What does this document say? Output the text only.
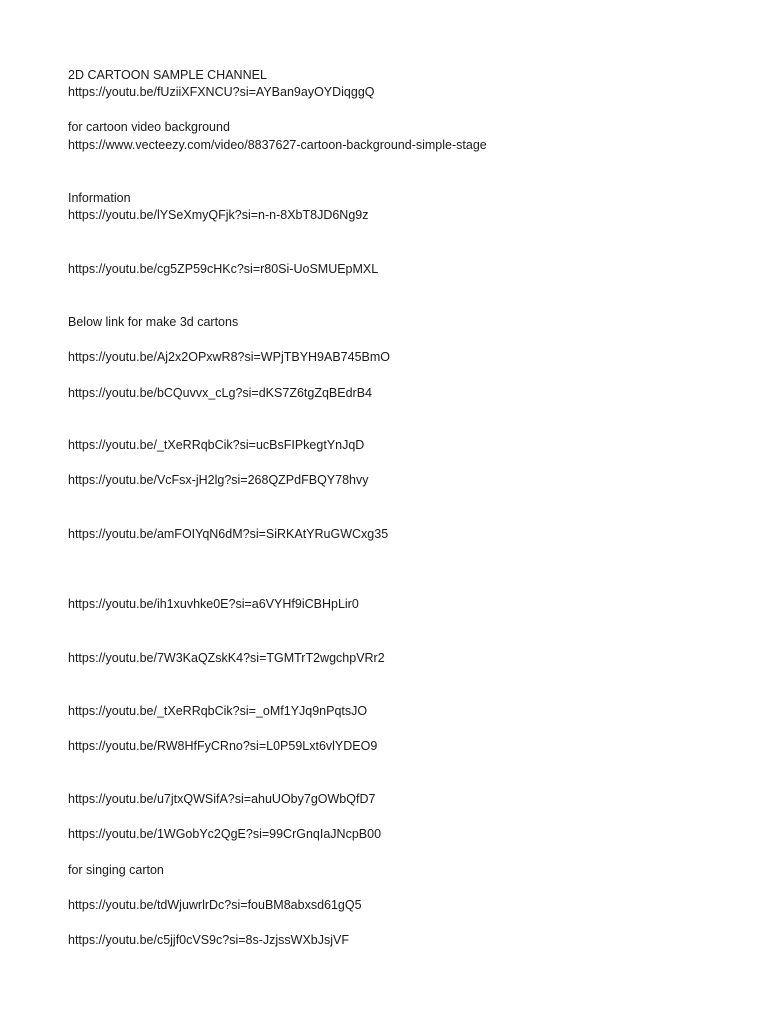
2D CARTOON SAMPLE CHANNEL
https://youtu.be/fUziiXFXNCU?si=AYBan9ayOYDiqggQ
for cartoon video background
https://www.vecteezy.com/video/8837627-cartoon-background-simple-stage
Information
https://youtu.be/lYSeXmyQFjk?si=n-n-8XbT8JD6Ng9z
https://youtu.be/cg5ZP59cHKc?si=r80Si-UoSMUEpMXL
Below link for make 3d cartons
https://youtu.be/Aj2x2OPxwR8?si=WPjTBYH9AB745BmO
https://youtu.be/bCQuvvx_cLg?si=dKS7Z6tgZqBEdrB4
https://youtu.be/_tXeRRqbCik?si=ucBsFIPkegtYnJqD
https://youtu.be/VcFsx-jH2lg?si=268QZPdFBQY78hvy
https://youtu.be/amFOIYqN6dM?si=SiRKAtYRuGWCxg35
https://youtu.be/ih1xuvhke0E?si=a6VYHf9iCBHpLir0
https://youtu.be/7W3KaQZskK4?si=TGMTrT2wgchpVRr2
https://youtu.be/_tXeRRqbCik?si=_oMf1YJq9nPqtsJO
https://youtu.be/RW8HfFyCRno?si=L0P59Lxt6vlYDEO9
https://youtu.be/u7jtxQWSifA?si=ahuUOby7gOWbQfD7
https://youtu.be/1WGobYc2QgE?si=99CrGnqIaJNcpB00
for singing carton
https://youtu.be/tdWjuwrlrDc?si=fouBM8abxsd61gQ5
https://youtu.be/c5jjf0cVS9c?si=8s-JzjssWXbJsjVF
